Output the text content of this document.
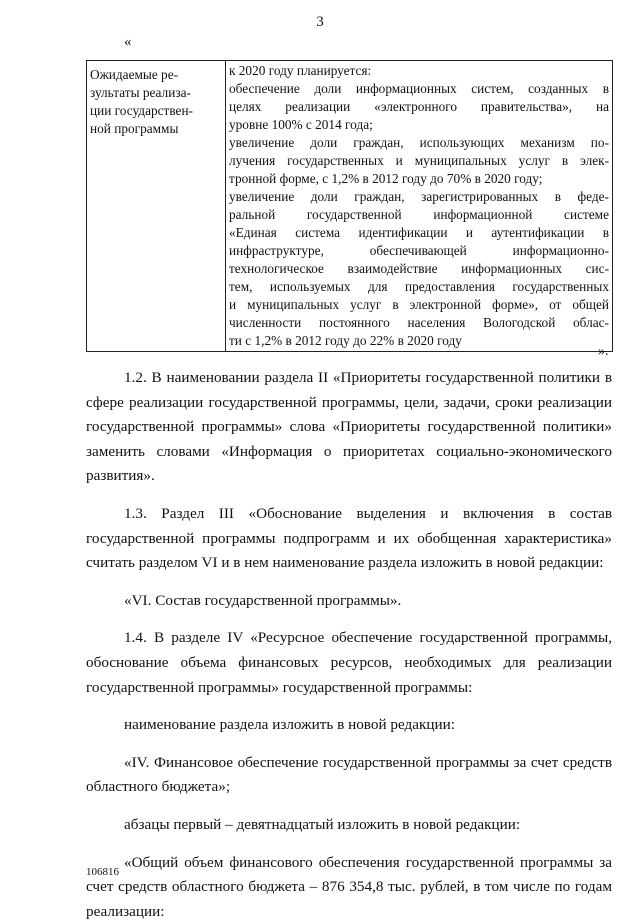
3
«
Ожидаемые ре-
зультаты реализа-
ции государствен-
ной программы

к 2020 году планируется:
обеспечение доли информационных систем, созданных в
целях реализации «электронного правительства», на
уровне 100% с 2014 года;
увеличение доли граждан, использующих механизм по-
лучения государственных и муниципальных услуг в элек-
тронной форме, с 1,2% в 2012 году до 70% в 2020 году;
увеличение доли граждан, зарегистрированных в феде-
ральной государственной информационной системе
«Единая система идентификации и аутентификации в
инфраструктуре, обеспечивающей информационно-
технологическое взаимодействие информационных сис-
тем, используемых для предоставления государственных
и муниципальных услуг в электронной форме», от общей
численности постоянного населения Вологодской облас-
ти с 1,2% в 2012 году до 22% в 2020 году
».

1.2. В наименовании раздела II «Приоритеты государственной политики в сфере реализации государственной программы, цели, задачи, сроки реализации государственной программы» слова «Приоритеты государственной политики» заменить словами «Информация о приоритетах социально-экономического развития».

1.3. Раздел III «Обоснование выделения и включения в состав государственной программы подпрограмм и их обобщенная характеристика» считать разделом VI и в нем наименование раздела изложить в новой редакции:

«VI. Состав государственной программы».

1.4. В разделе IV «Ресурсное обеспечение государственной программы, обоснование объема финансовых ресурсов, необходимых для реализации государственной программы» государственной программы:

наименование раздела изложить в новой редакции:

«IV. Финансовое обеспечение государственной программы за счет средств областного бюджета»;

абзацы первый – девятнадцатый изложить в новой редакции:

«Общий объем финансового обеспечения государственной программы за счет средств областного бюджета – 876 354,8 тыс. рублей, в том числе по годам реализации:

106816
